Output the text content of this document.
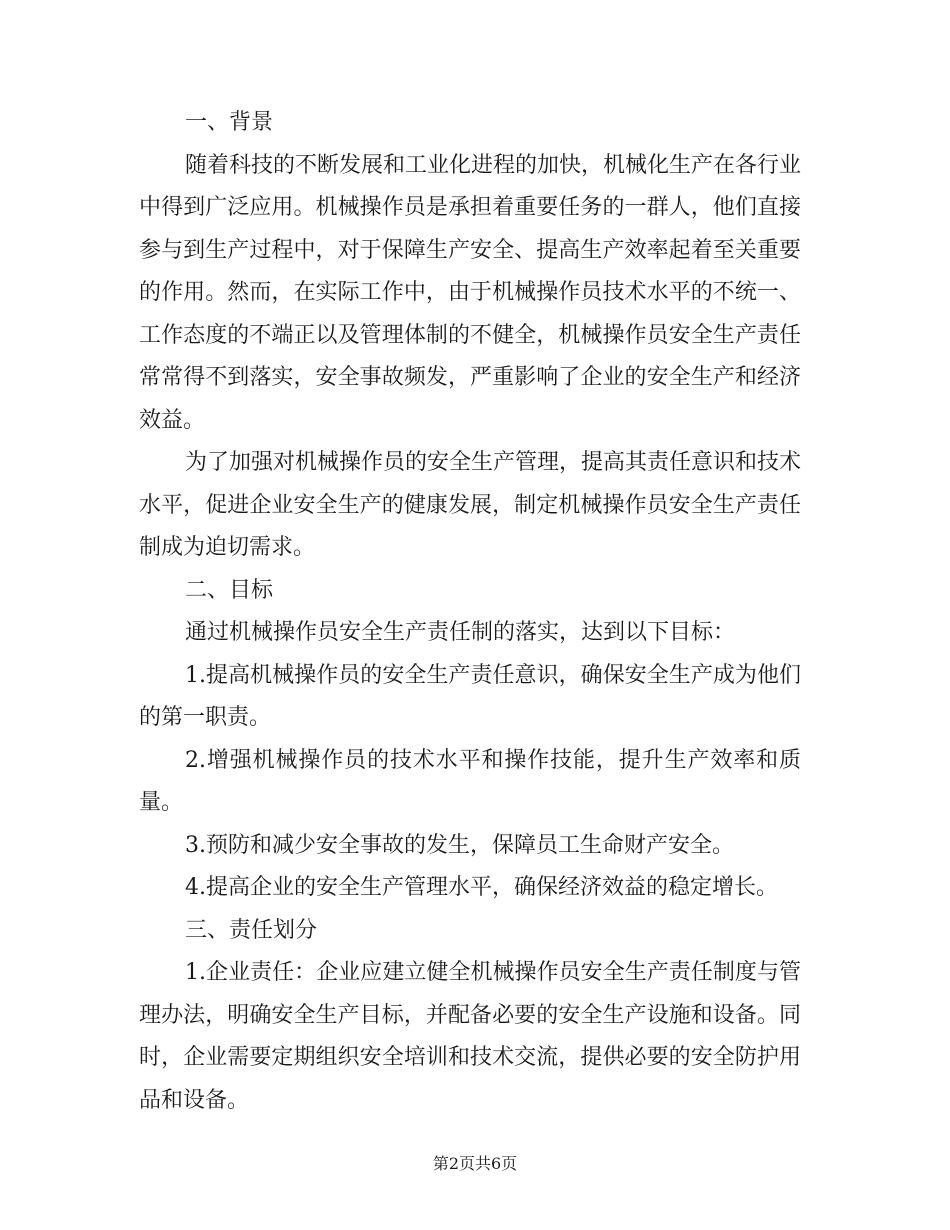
一、背景

随着科技的不断发展和工业化进程的加快，机械化生产在各行业中得到广泛应用。机械操作员是承担着重要任务的一群人，他们直接参与到生产过程中，对于保障生产安全、提高生产效率起着至关重要的作用。然而，在实际工作中，由于机械操作员技术水平的不统一、工作态度的不端正以及管理体制的不健全，机械操作员安全生产责任常常得不到落实，安全事故频发，严重影响了企业的安全生产和经济效益。

为了加强对机械操作员的安全生产管理，提高其责任意识和技术水平，促进企业安全生产的健康发展，制定机械操作员安全生产责任制成为迫切需求。

二、目标

通过机械操作员安全生产责任制的落实，达到以下目标：

1.提高机械操作员的安全生产责任意识，确保安全生产成为他们的第一职责。

2.增强机械操作员的技术水平和操作技能，提升生产效率和质量。

3.预防和减少安全事故的发生，保障员工生命财产安全。

4.提高企业的安全生产管理水平，确保经济效益的稳定增长。

三、责任划分

1.企业责任：企业应建立健全机械操作员安全生产责任制度与管理办法，明确安全生产目标，并配备必要的安全生产设施和设备。同时，企业需要定期组织安全培训和技术交流，提供必要的安全防护用品和设备。

第2页共6页
